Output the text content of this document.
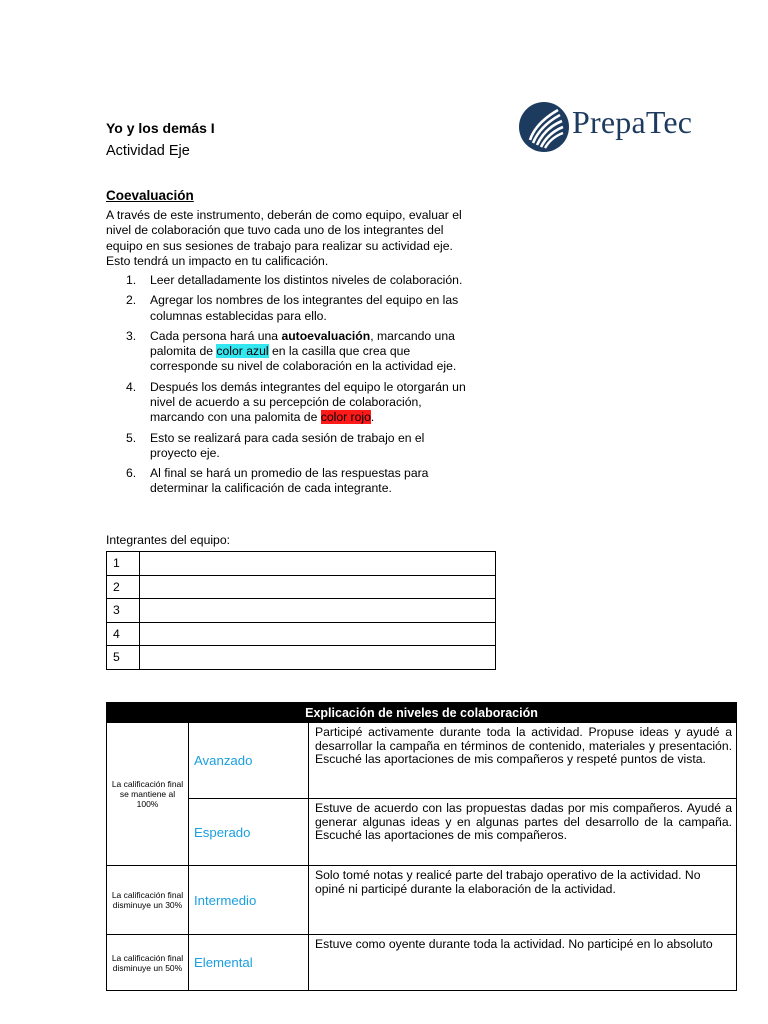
Yo y los demás I
Actividad Eje
PrepaTec
Coevaluación
A través de este instrumento, deberán de como equipo, evaluar el nivel de colaboración que tuvo cada uno de los integrantes del equipo en sus sesiones de trabajo para realizar su actividad eje. Esto tendrá un impacto en tu calificación.
1. Leer detalladamente los distintos niveles de colaboración.
2. Agregar los nombres de los integrantes del equipo en las columnas establecidas para ello.
3. Cada persona hará una autoevaluación, marcando una palomita de color azul en la casilla que crea que corresponde su nivel de colaboración en la actividad eje.
4. Después los demás integrantes del equipo le otorgarán un nivel de acuerdo a su percepción de colaboración, marcando con una palomita de color rojo.
5. Esto se realizará para cada sesión de trabajo en el proyecto eje.
6. Al final se hará un promedio de las respuestas para determinar la calificación de cada integrante.
Integrantes del equipo:
1	
2	
3	
4	
5	
Explicación de niveles de colaboración		
La calificación final se mantiene al 100%	Avanzado	Participé activamente durante toda la actividad. Propuse ideas y ayudé a desarrollar la campaña en términos de contenido, materiales y presentación. Escuché las aportaciones de mis compañeros y respeté puntos de vista.
	Esperado	Estuve de acuerdo con las propuestas dadas por mis compañeros. Ayudé a generar algunas ideas y en algunas partes del desarrollo de la campaña. Escuché las aportaciones de mis compañeros.
La calificación final disminuye un 30%	Intermedio	Solo tomé notas y realicé parte del trabajo operativo de la actividad. No opiné ni participé durante la elaboración de la actividad.
La calificación final disminuye un 50%	Elemental	Estuve como oyente durante toda la actividad. No participé en lo absoluto
